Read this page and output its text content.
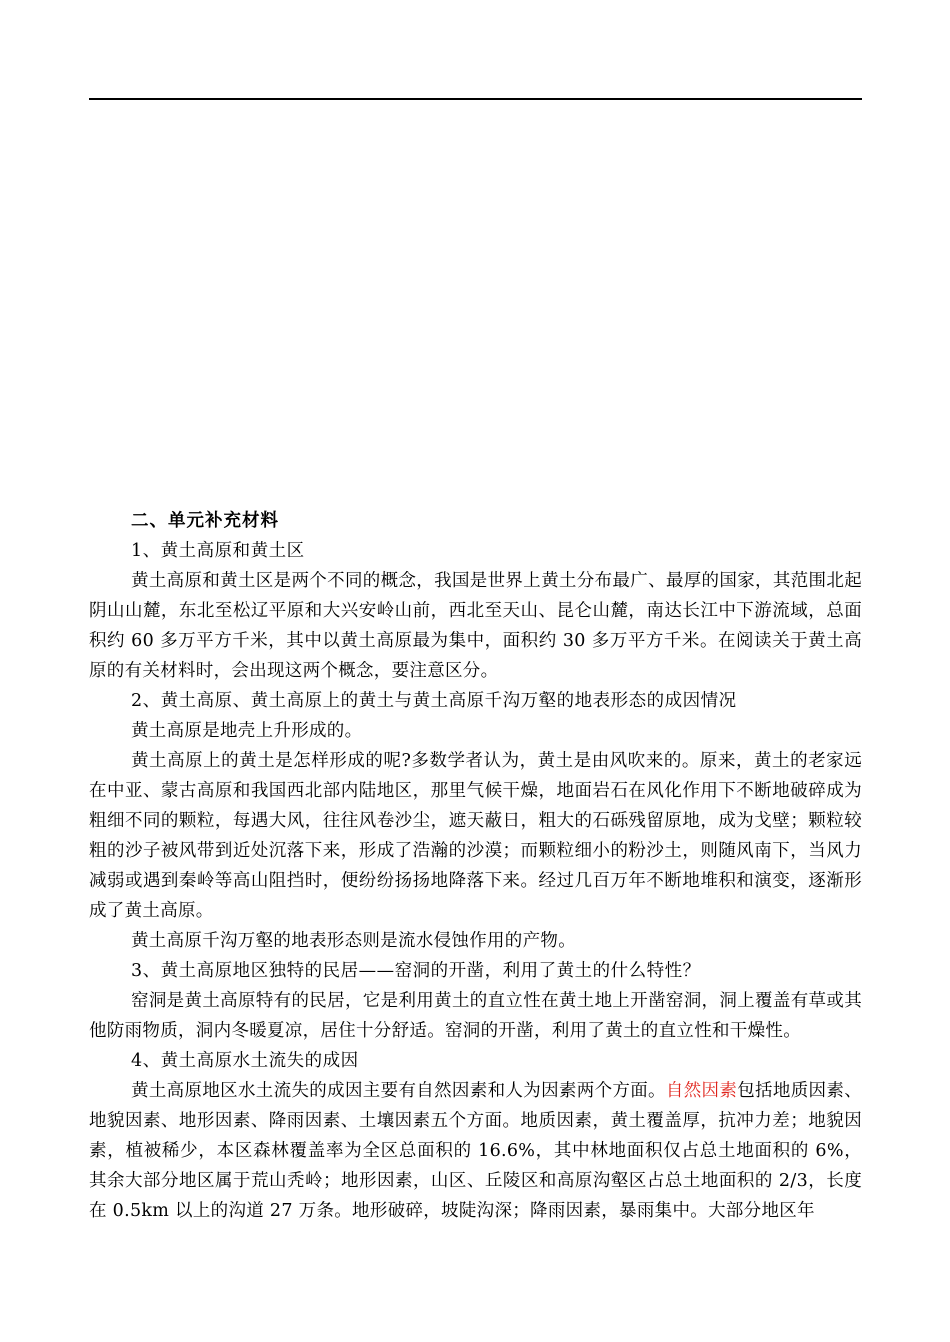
二、单元补充材料

1、黄土高原和黄土区

黄土高原和黄土区是两个不同的概念，我国是世界上黄土分布最广、最厚的国家，其范围北起阴山山麓，东北至松辽平原和大兴安岭山前，西北至天山、昆仑山麓，南达长江中下游流域，总面积约 60 多万平方千米，其中以黄土高原最为集中，面积约 30 多万平方千米。在阅读关于黄土高原的有关材料时，会出现这两个概念，要注意区分。

2、黄土高原、黄土高原上的黄土与黄土高原千沟万壑的地表形态的成因情况

黄土高原是地壳上升形成的。

黄土高原上的黄土是怎样形成的呢?多数学者认为，黄土是由风吹来的。原来，黄土的老家远在中亚、蒙古高原和我国西北部内陆地区，那里气候干燥，地面岩石在风化作用下不断地破碎成为粗细不同的颗粒，每遇大风，往往风卷沙尘，遮天蔽日，粗大的石砾残留原地，成为戈壁；颗粒较粗的沙子被风带到近处沉落下来，形成了浩瀚的沙漠；而颗粒细小的粉沙土，则随风南下，当风力减弱或遇到秦岭等高山阻挡时，便纷纷扬扬地降落下来。经过几百万年不断地堆积和演变，逐渐形成了黄土高原。

黄土高原千沟万壑的地表形态则是流水侵蚀作用的产物。

3、黄土高原地区独特的民居——窑洞的开凿，利用了黄土的什么特性？

窑洞是黄土高原特有的民居，它是利用黄土的直立性在黄土地上开凿窑洞，洞上覆盖有草或其他防雨物质，洞内冬暖夏凉，居住十分舒适。窑洞的开凿，利用了黄土的直立性和干燥性。

4、黄土高原水土流失的成因

黄土高原地区水土流失的成因主要有自然因素和人为因素两个方面。自然因素包括地质因素、地貌因素、地形因素、降雨因素、土壤因素五个方面。地质因素，黄土覆盖厚，抗冲力差；地貌因素，植被稀少，本区森林覆盖率为全区总面积的 16.6%，其中林地面积仅占总土地面积的 6%，其余大部分地区属于荒山秃岭；地形因素，山区、丘陵区和高原沟壑区占总土地面积的 2/3，长度在 0.5km 以上的沟道 27 万条。地形破碎，坡陡沟深；降雨因素，暴雨集中。大部分地区年
